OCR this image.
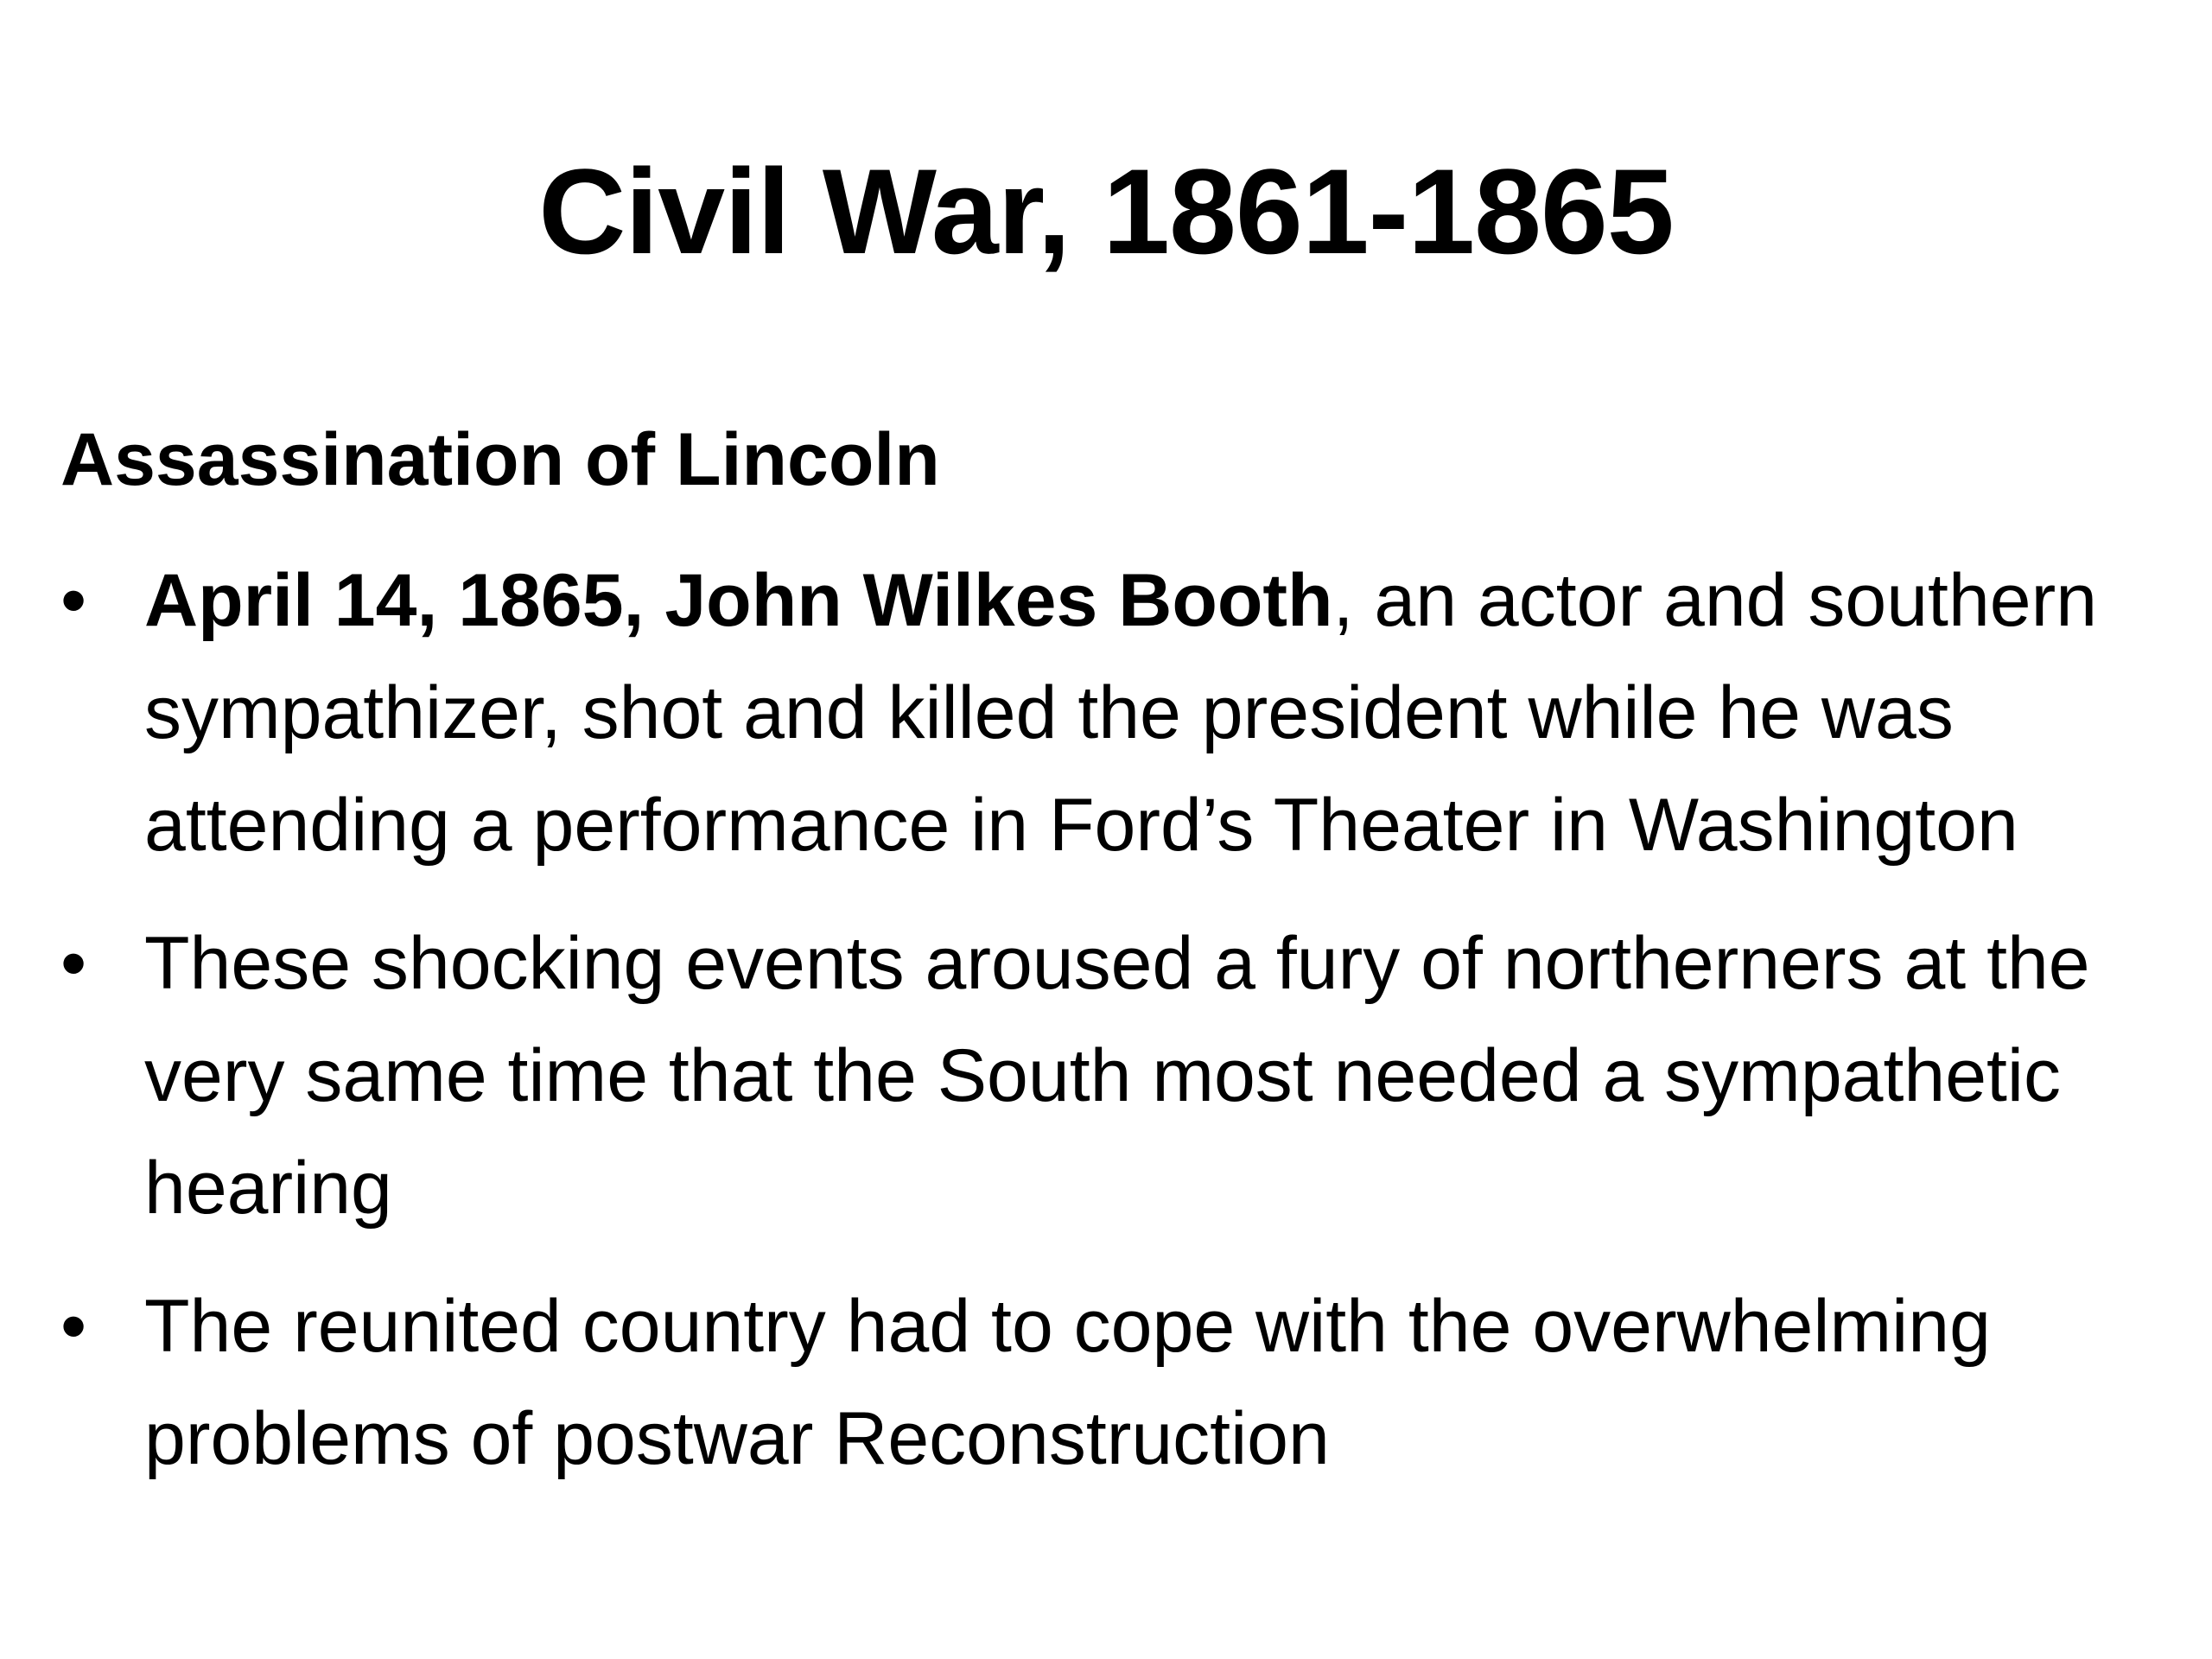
Civil War, 1861-1865
Assassination of Lincoln
• April 14, 1865, John Wilkes Booth, an actor and southern sympathizer, shot and killed the president while he was attending a performance in Ford’s Theater in Washington
• These shocking events aroused a fury of northerners at the very same time that the South most needed a sympathetic hearing
• The reunited country had to cope with the overwhelming problems of postwar Reconstruction
